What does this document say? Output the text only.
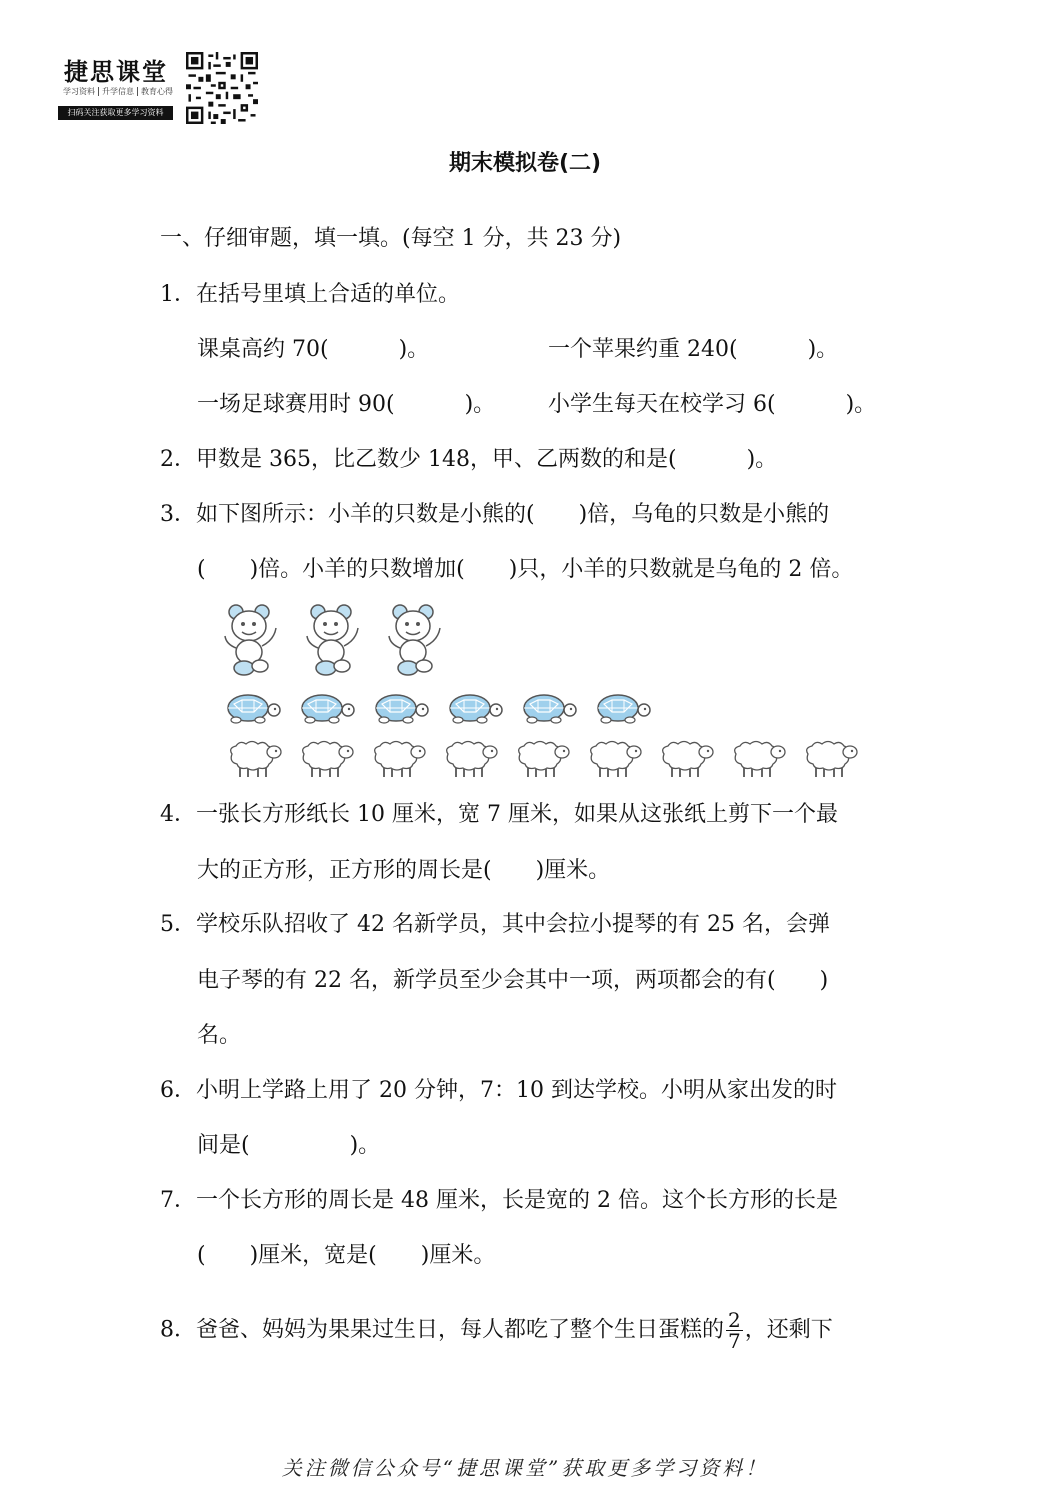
捷思课堂
学习资料 升学信息 教育心得
扫码关注获取更多学习资料
期末模拟卷(二)
一、仔细审题，填一填。(每空 1 分，共 23 分)
1．在括号里填上合适的单位。
课桌高约 70(	)。	一个苹果约重 240(	)。
一场足球赛用时 90(	)。 小学生每天在校学习 6(	)。
2．甲数是 365，比乙数少 148，甲、乙两数的和是(	)。
3．如下图所示：小羊的只数是小熊的( )倍，乌龟的只数是小熊的
( )倍。小羊的只数增加( )只，小羊的只数就是乌龟的 2 倍。
4．一张长方形纸长 10 厘米，宽 7 厘米，如果从这张纸上剪下一个最
大的正方形，正方形的周长是( )厘米。
5．学校乐队招收了 42 名新学员，其中会拉小提琴的有 25 名，会弹
电子琴的有 22 名，新学员至少会其中一项，两项都会的有( )
名。
6．小明上学路上用了 20 分钟，7：10 到达学校。小明从家出发的时
间是(	)。
7．一个长方形的周长是 48 厘米，长是宽的 2 倍。这个长方形的长是
( )厘米，宽是( )厘米。
8．爸爸、妈妈为果果过生日，每人都吃了整个生日蛋糕的 $\frac{2}{7}$ ，还剩下
关注微信公众号“捷思课堂”获取更多学习资料！
